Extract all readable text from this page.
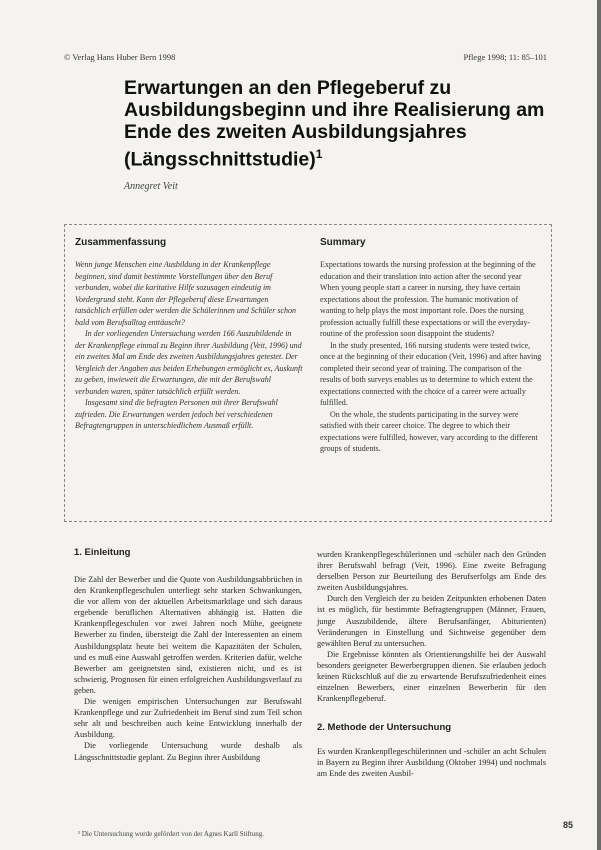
© Verlag Hans Huber Bern 1998	Pflege 1998; 11: 85–101
Erwartungen an den Pflegeberuf zu Ausbildungsbeginn und ihre Realisierung am Ende des zweiten Ausbildungsjahres (Längsschnittstudie)$^1$
Annegret Veit
Zusammenfassung	Summary

Wenn junge Menschen eine Ausbildung in der Krankenpflege beginnen, sind damit bestimmte Vorstellungen über den Beruf verbunden, wobei die karitative Hilfe sozusagen eindeutig im Vordergrund steht. Kann der Pflegeberuf diese Erwartungen tatsächlich erfüllen oder werden die Schülerinnen und Schüler schon bald vom Berufsalltag enttäuscht?

In der vorliegenden Untersuchung werden 166 Auszubildende in der Krankenpflege einmal zu Beginn ihrer Ausbildung (Veit, 1996) und ein zweites Mal am Ende des zweiten Ausbildungsjahres getestet. Der Vergleich der Angaben aus beiden Erhebungen ermöglicht es, Auskunft zu geben, inwieweit die Erwartungen, die mit der Berufswahl verbunden waren, später tatsächlich erfüllt werden.

Insgesamt sind die befragten Personen mit ihrer Berufswahl zufrieden. Die Erwartungen werden jedoch bei verschiedenen Befragtengruppen in unterschiedlichem Ausmaß erfüllt.

Expectations towards the nursing profession at the beginning of the education and their translation into action after the second year

When young people start a career in nursing, they have certain expectations about the profession. The humanic motivation of wanting to help plays the most important role. Does the nursing profession actually fulfill these expectations or will the everyday-routine of the profession soon disappoint the students?

In the study presented, 166 nursing students were tested twice, once at the beginning of their education (Veit, 1996) and after having completed their second year of training. The comparison of the results of both surveys enables us to determine to which extent the expectations connected with the choice of a career were actually fulfilled.

On the whole, the students participating in the survey were satisfied with their career choice. The degree to which their expectations were fulfilled, however, vary according to the different groups of students.

1. Einleitung

Die Zahl der Bewerber und die Quote von Ausbildungsabbrüchen in den Krankenpflegeschulen unterliegt sehr starken Schwankungen, die vor allem von der aktuellen Arbeitsmarktlage und sich daraus ergebende beruflichen Alternativen abhängig ist. Hatten die Krankenpflegeschulen vor zwei Jahren noch Mühe, geeignete Bewerber zu finden, übersteigt die Zahl der Interessenten an einem Ausbildungsplatz heute bei weitem die Kapazitäten der Schulen, und es muß eine Auswahl getroffen werden. Kriterien dafür, welche Bewerber am geeignetsten sind, existieren nicht, und es ist schwierig, Prognosen für einen erfolgreichen Ausbildungsverlauf zu geben.

Die wenigen empirischen Untersuchungen zur Berufswahl Krankenpflege und zur Zufriedenheit im Beruf sind zum Teil schon sehr alt und beschreiben auch keine Entwicklung innerhalb der Ausbildung.

Die vorliegende Untersuchung wurde deshalb als Längsschnittstudie geplant. Zu Beginn ihrer Ausbildung

wurden Krankenpflegeschülerinnen und -schüler nach den Gründen ihrer Berufswahl befragt (Veit, 1996). Eine zweite Befragung derselben Person zur Beurteilung des Berufserfolgs am Ende des zweiten Ausbildungsjahres.

Durch den Vergleich der zu beiden Zeitpunkten erhobenen Daten ist es möglich, für bestimmte Befragtengruppen (Männer, Frauen, junge Auszubildende, ältere Berufsanfänger, Abiturienten) Veränderungen in Einstellung und Sichtweise gegenüber dem gewählten Beruf zu untersuchen.

Die Ergebnisse könnten als Orientierungshilfe bei der Auswahl besonders geeigneter Bewerbergruppen dienen. Sie erlauben jedoch keinen Rückschluß auf die zu erwartende Berufszufriedenheit eines einzelnen Bewerbers, einer einzelnen Bewerberin für den Krankenpflegeberuf.

2. Methode der Untersuchung

Es wurden Krankenpflegeschülerinnen und -schüler an acht Schulen in Bayern zu Beginn ihrer Ausbildung (Oktober 1994) und nochmals am Ende des zweiten Ausbil-

¹ Die Untersuchung wurde gefördert von der Agnes Karll Stiftung.
85
